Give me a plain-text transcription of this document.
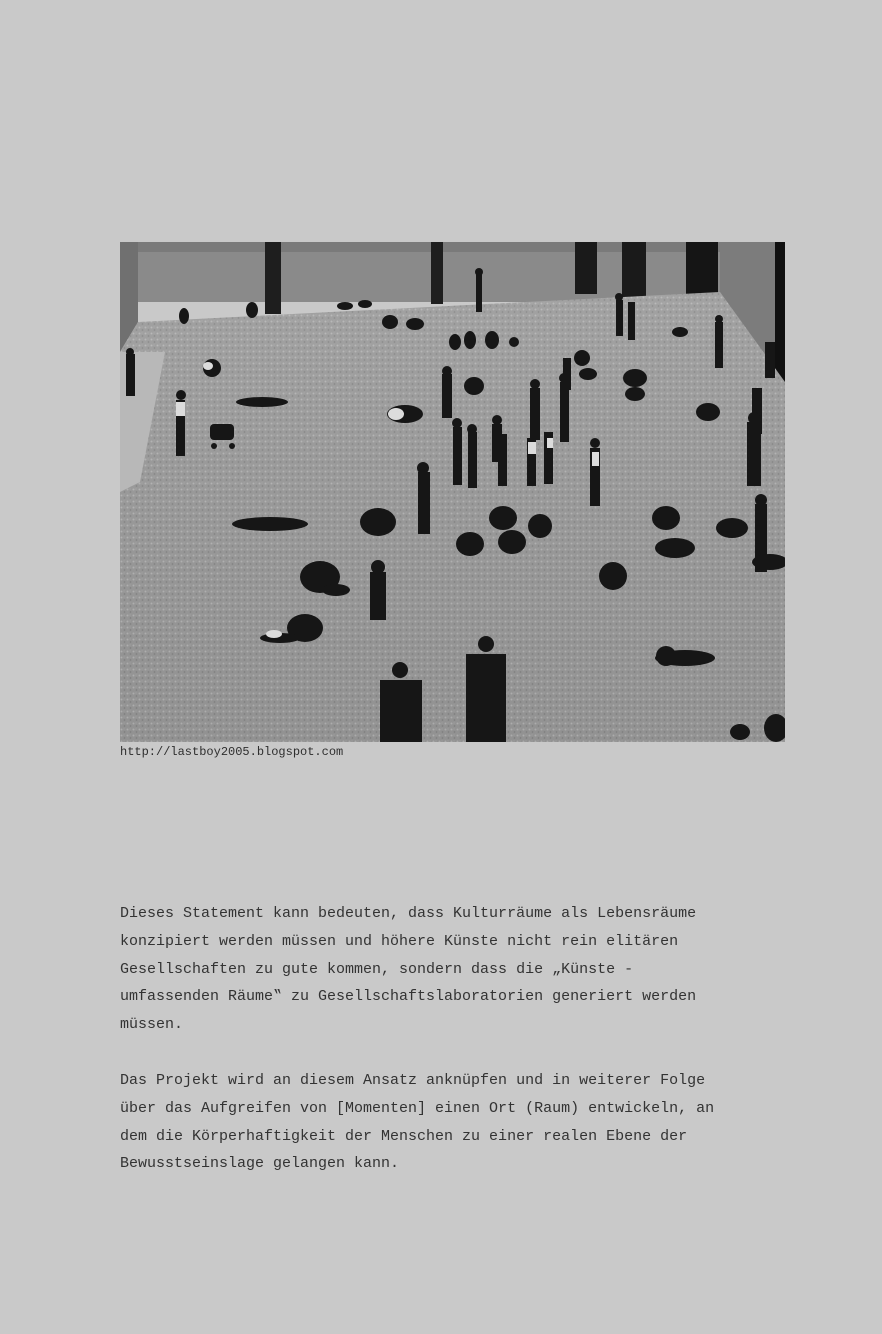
http://lastboy2005.blogspot.com
Dieses Statement kann bedeuten, dass Kulturräume als Lebensräume
konzipiert werden müssen und höhere Künste nicht rein elitären
Gesellschaften zu gute kommen, sondern dass die „Künste -
umfassenden Räume‟ zu Gesellschaftslaboratorien generiert werden
müssen.
Das Projekt wird an diesem Ansatz anknüpfen und in weiterer Folge
über das Aufgreifen von [Momenten] einen Ort (Raum) entwickeln, an
dem die Körperhaftigkeit der Menschen zu einer realen Ebene der
Bewusstseinslage gelangen kann.
